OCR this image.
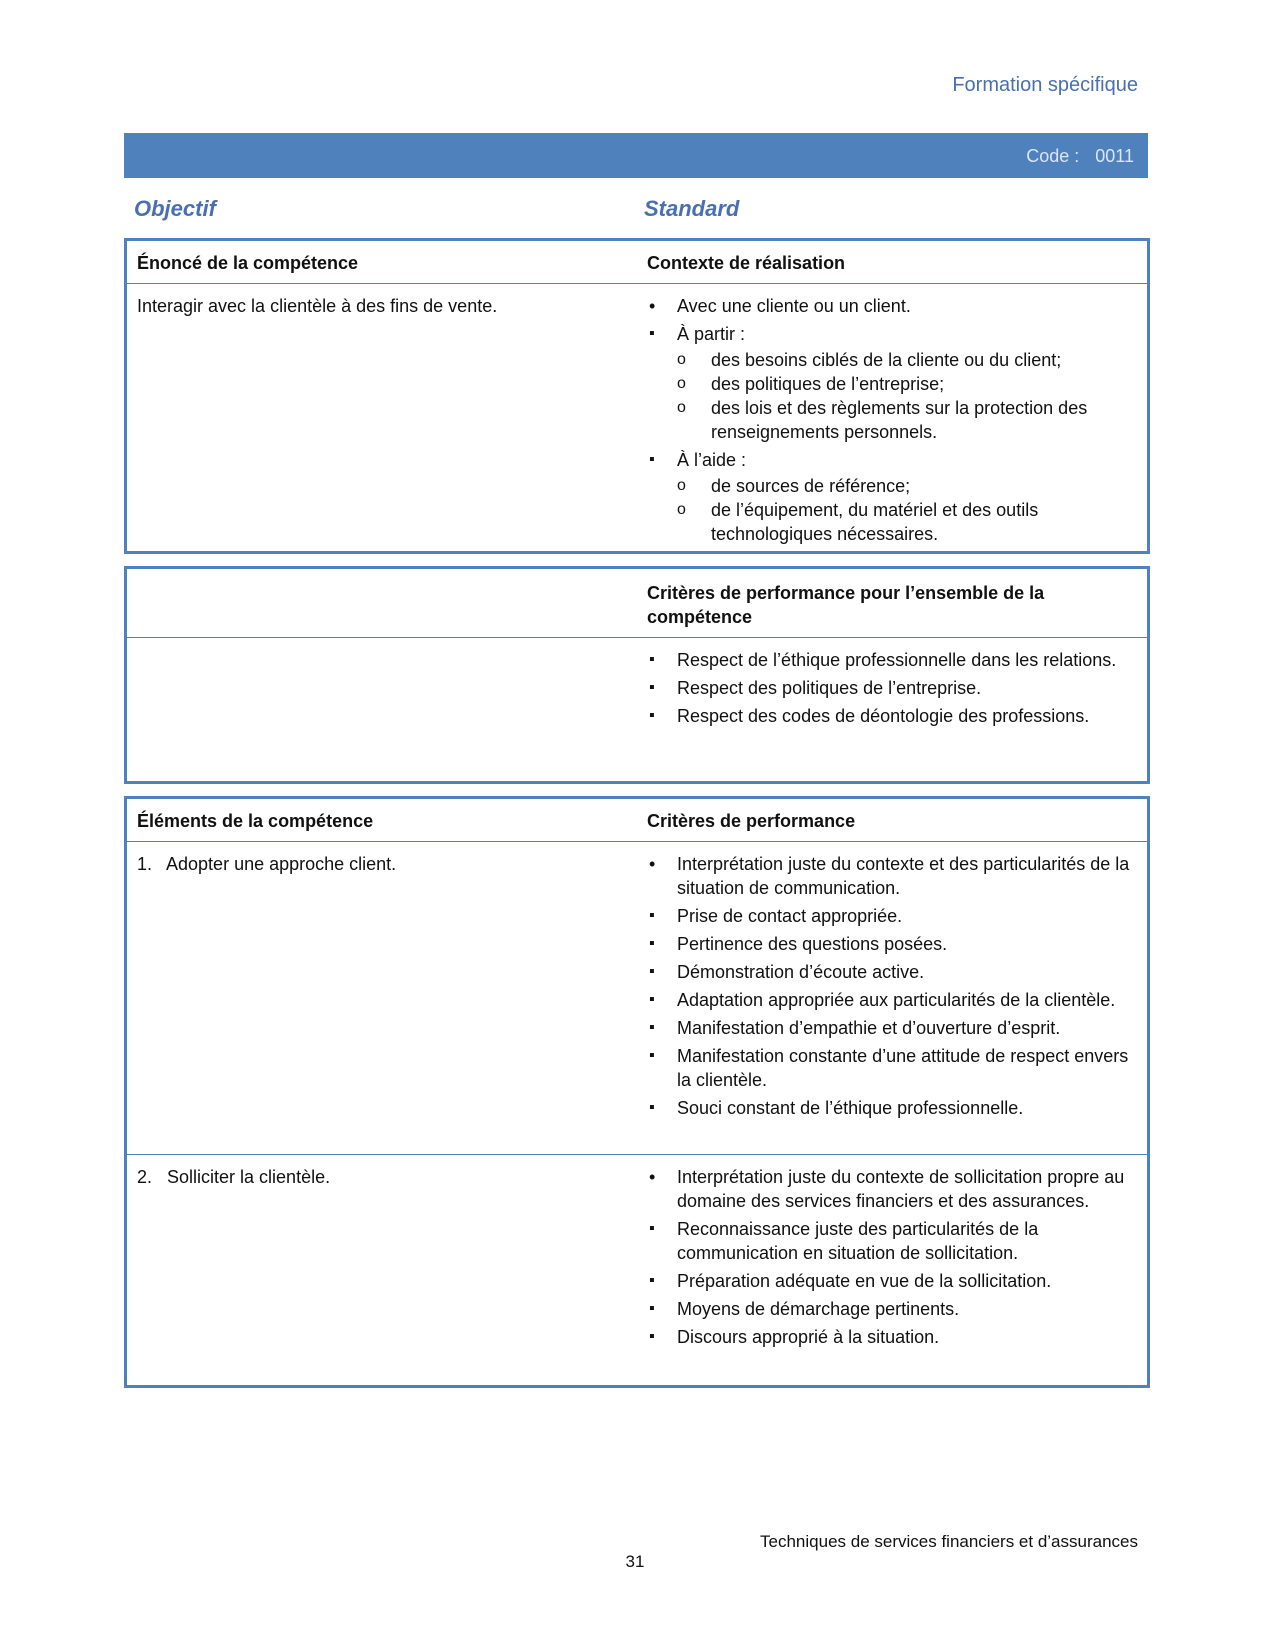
Formation spécifique
Code : 0011
Objectif	Standard
Énoncé de la compétence	Contexte de réalisation
Interagir avec la clientèle à des fins de vente.	• Avec une cliente ou un client.
▪ À partir :
o des besoins ciblés de la cliente ou du client;
o des politiques de l’entreprise;
o des lois et des règlements sur la protection des renseignements personnels.
▪ À l’aide :
o de sources de référence;
o de l’équipement, du matériel et des outils technologiques nécessaires.
Critères de performance pour l’ensemble de la compétence
▪ Respect de l’éthique professionnelle dans les relations.
▪ Respect des politiques de l’entreprise.
▪ Respect des codes de déontologie des professions.
Éléments de la compétence	Critères de performance
1.   Adopter une approche client.	• Interprétation juste du contexte et des particularités de la situation de communication.
▪ Prise de contact appropriée.
▪ Pertinence des questions posées.
▪ Démonstration d’écoute active.
▪ Adaptation appropriée aux particularités de la clientèle.
▪ Manifestation d’empathie et d’ouverture d’esprit.
▪ Manifestation constante d’une attitude de respect envers la clientèle.
▪ Souci constant de l’éthique professionnelle.
2.   Solliciter la clientèle.	• Interprétation juste du contexte de sollicitation propre au domaine des services financiers et des assurances.
▪ Reconnaissance juste des particularités de la communication en situation de sollicitation.
▪ Préparation adéquate en vue de la sollicitation.
▪ Moyens de démarchage pertinents.
▪ Discours approprié à la situation.
Techniques de services financiers et d’assurances
31
